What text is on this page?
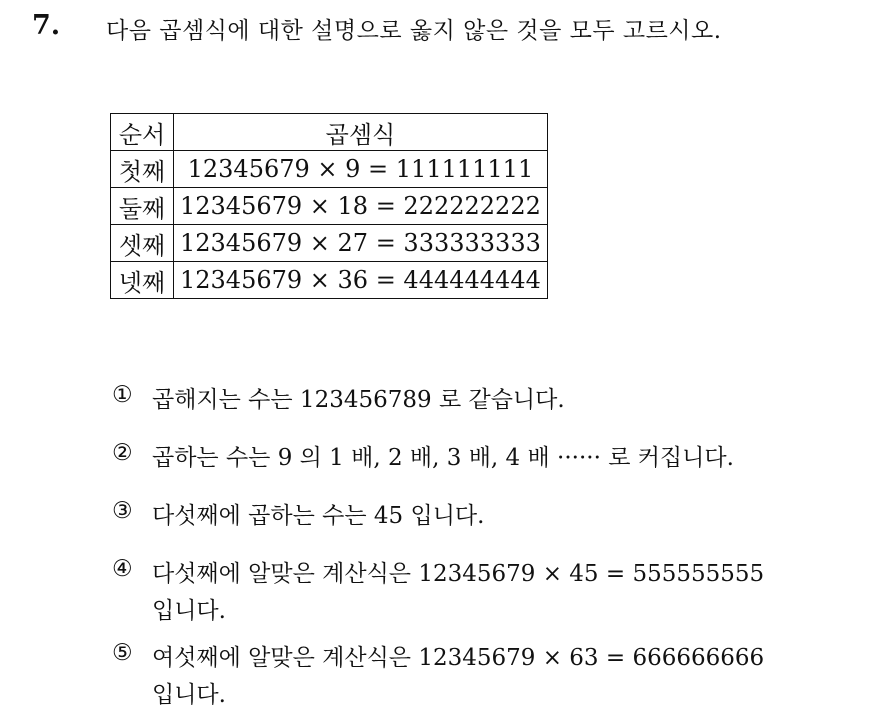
7. 다음 곱셈식에 대한 설명으로 옳지 않은 것을 모두 고르시오.
순서	곱셈식
첫째	12345679 × 9 = 111111111
둘째	12345679 × 18 = 222222222
셋째	12345679 × 27 = 333333333
넷째	12345679 × 36 = 444444444
① 곱해지는 수는 123456789 로 같습니다.
② 곱하는 수는 9 의 1 배, 2 배, 3 배, 4 배 ······ 로 커집니다.
③ 다섯째에 곱하는 수는 45 입니다.
④ 다섯째에 알맞은 계산식은 12345679 × 45 = 555555555
입니다.
⑤ 여섯째에 알맞은 계산식은 12345679 × 63 = 666666666
입니다.
